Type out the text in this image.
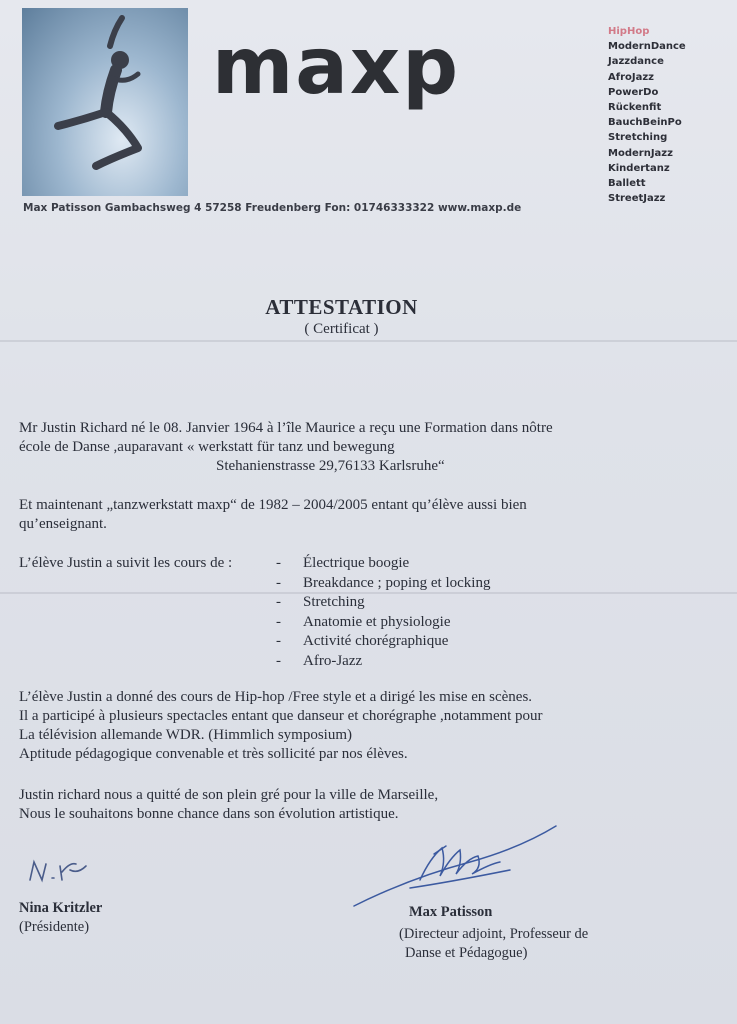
maxp
Max Patisson Gambachsweg 4 57258 Freudenberg Fon: 01746333322 www.maxp.de
HipHop
ModernDance
Jazzdance
AfroJazz
PowerDo
Rückenfit
BauchBeinPo
Stretching
ModernJazz
Kindertanz
Ballett
StreetJazz
ATTESTATION
( Certificat )
Mr Justin Richard né le 08. Janvier 1964 à l’île Maurice a reçu une Formation dans nôtre
école de Danse ,auparavant « werkstatt für tanz und bewegung
Stehanienstrasse 29,76133 Karlsruhe“
Et maintenant „tanzwerkstatt maxp“ de 1982 – 2004/2005 entant qu’élève aussi bien
qu’enseignant.
L’élève Justin a suivit les cours de :	- Électrique boogie
- Breakdance ; poping et locking
- Stretching
- Anatomie et physiologie
- Activité chorégraphique
- Afro-Jazz
L’élève Justin a donné des cours de Hip-hop /Free style et a dirigé les mise en scènes.
Il a participé à plusieurs spectacles entant que danseur et chorégraphe ,notamment pour
La télévision allemande WDR. (Himmlich symposium)
Aptitude pédagogique convenable et très sollicité par nos élèves.
Justin richard nous a quitté de son plein gré pour la ville de Marseille,
Nous le souhaitons bonne chance dans son évolution artistique.
Nina Kritzler
(Présidente)
Max Patisson
(Directeur adjoint, Professeur de
Danse et Pédagogue)
